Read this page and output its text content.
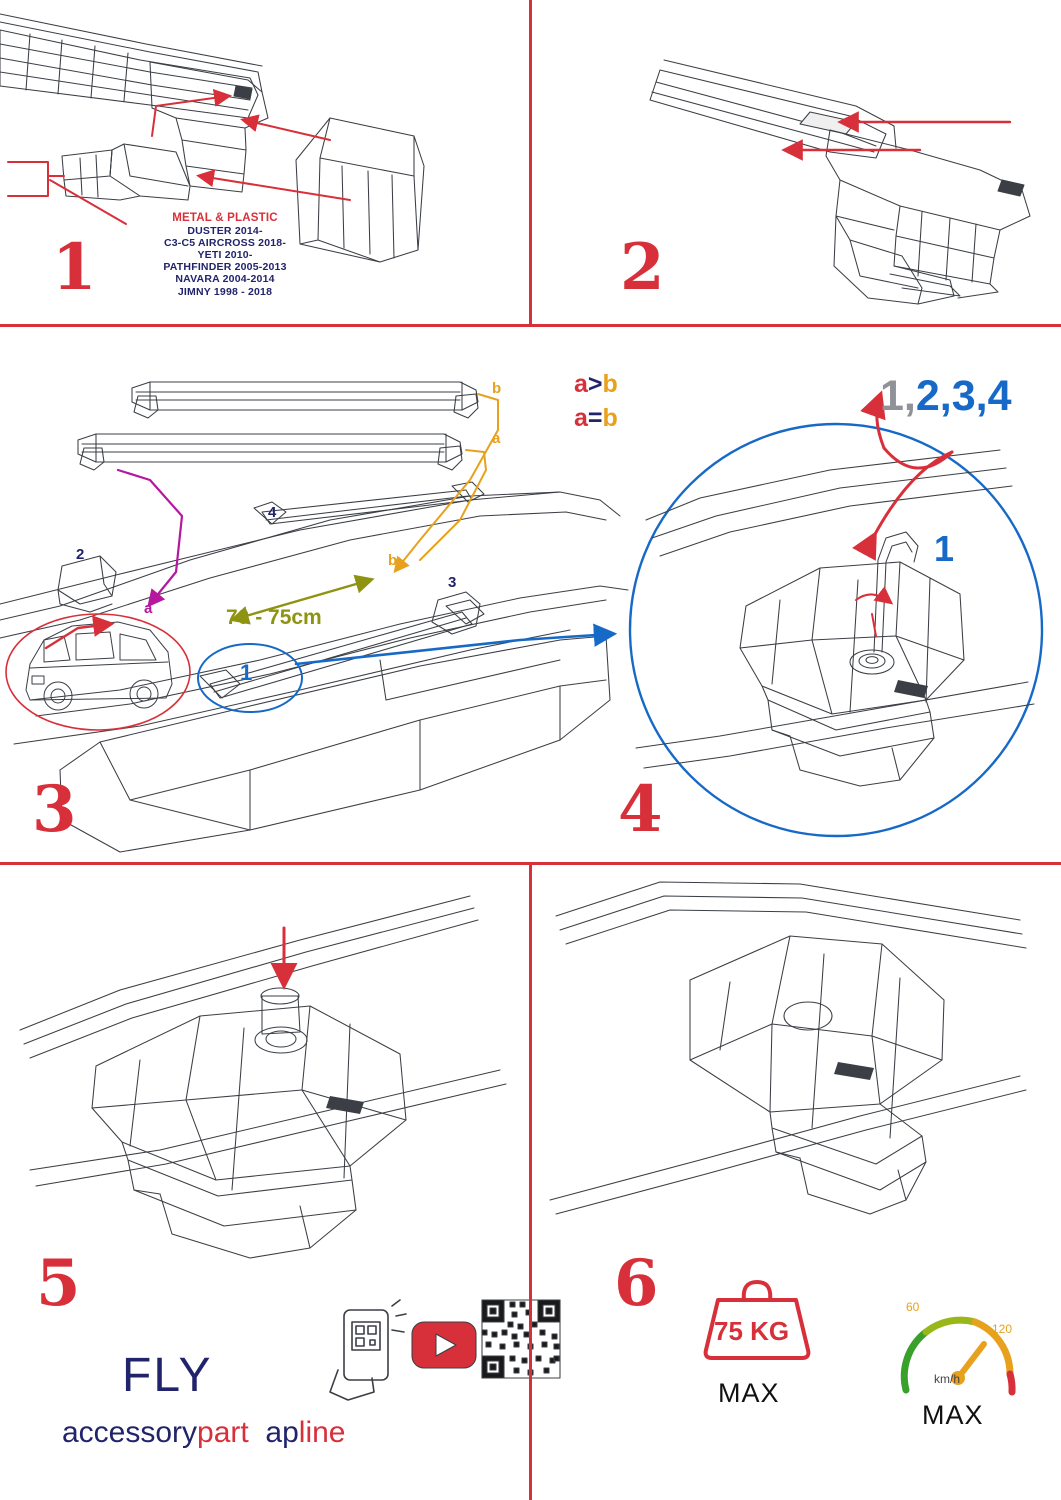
1	2
3	4
5	6
METAL & PLASTIC
DUSTER 2014-
C3-C5 AIRCROSS 2018-
YETI 2010-
PATHFINDER 2005-2013
NAVARA 2004-2014
JIMNY 1998 - 2018
b
a
a
b
2
4
3
1
70 - 75cm
a>b
a=b	1,2,3,4
1
FLY
accessorypart apline
75 KG
MAX
MAX
km/h
60
120
